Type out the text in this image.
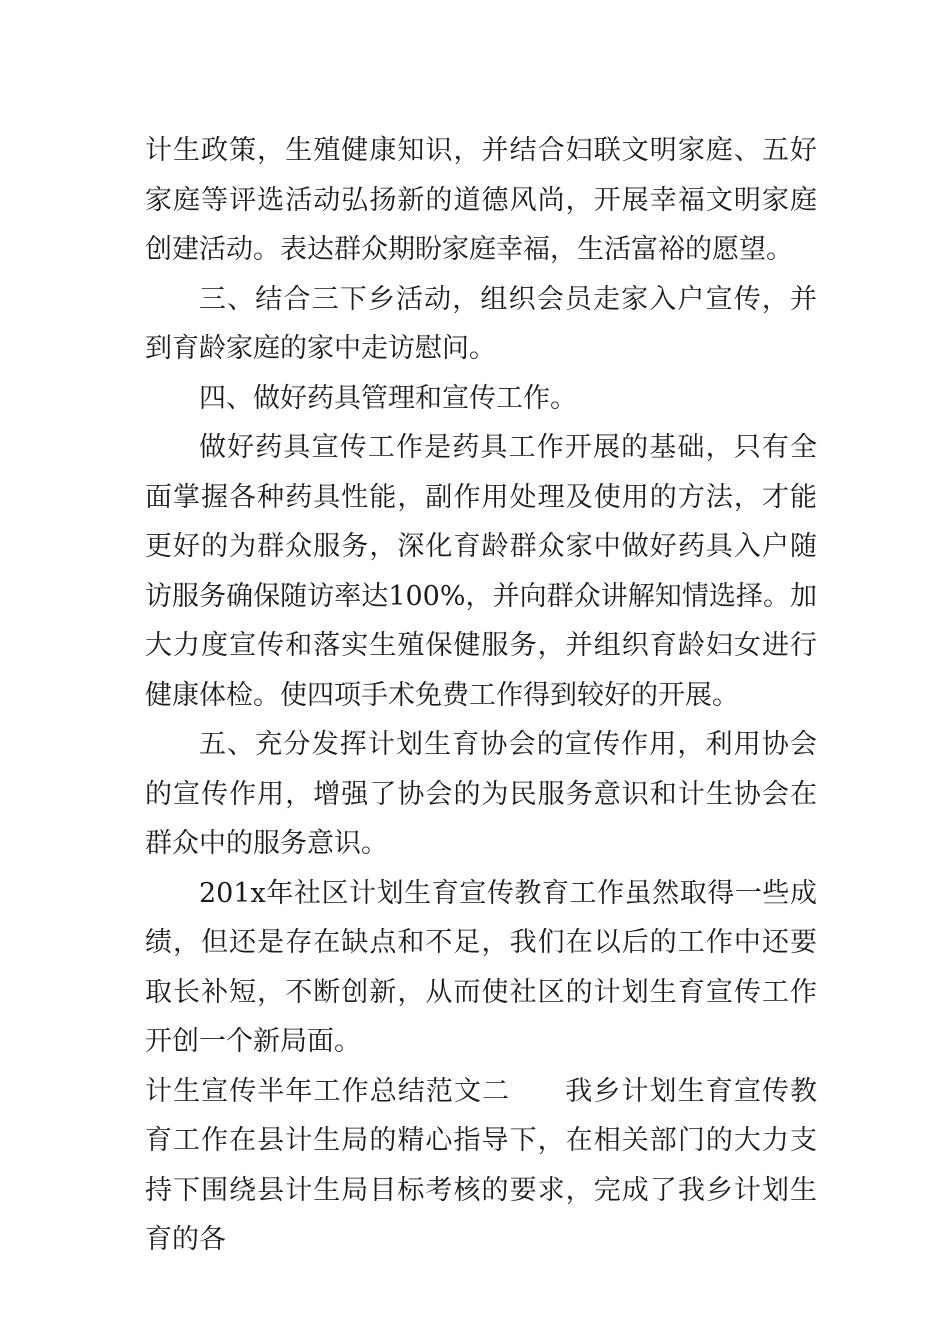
计生政策，生殖健康知识，并结合妇联文明家庭、五好家庭等评选活动弘扬新的道德风尚，开展幸福文明家庭创建活动。表达群众期盼家庭幸福，生活富裕的愿望。

三、结合三下乡活动，组织会员走家入户宣传，并到育龄家庭的家中走访慰问。

四、做好药具管理和宣传工作。

做好药具宣传工作是药具工作开展的基础，只有全面掌握各种药具性能，副作用处理及使用的方法，才能更好的为群众服务，深化育龄群众家中做好药具入户随访服务确保随访率达100%，并向群众讲解知情选择。加大力度宣传和落实生殖保健服务，并组织育龄妇女进行健康体检。使四项手术免费工作得到较好的开展。

五、充分发挥计划生育协会的宣传作用，利用协会的宣传作用，增强了协会的为民服务意识和计生协会在群众中的服务意识。

201x年社区计划生育宣传教育工作虽然取得一些成绩，但还是存在缺点和不足，我们在以后的工作中还要取长补短，不断创新，从而使社区的计划生育宣传工作开创一个新局面。

计生宣传半年工作总结范文二 我乡计划生育宣传教育工作在县计生局的精心指导下，在相关部门的大力支持下围绕县计生局目标考核的要求，完成了我乡计划生育的各
